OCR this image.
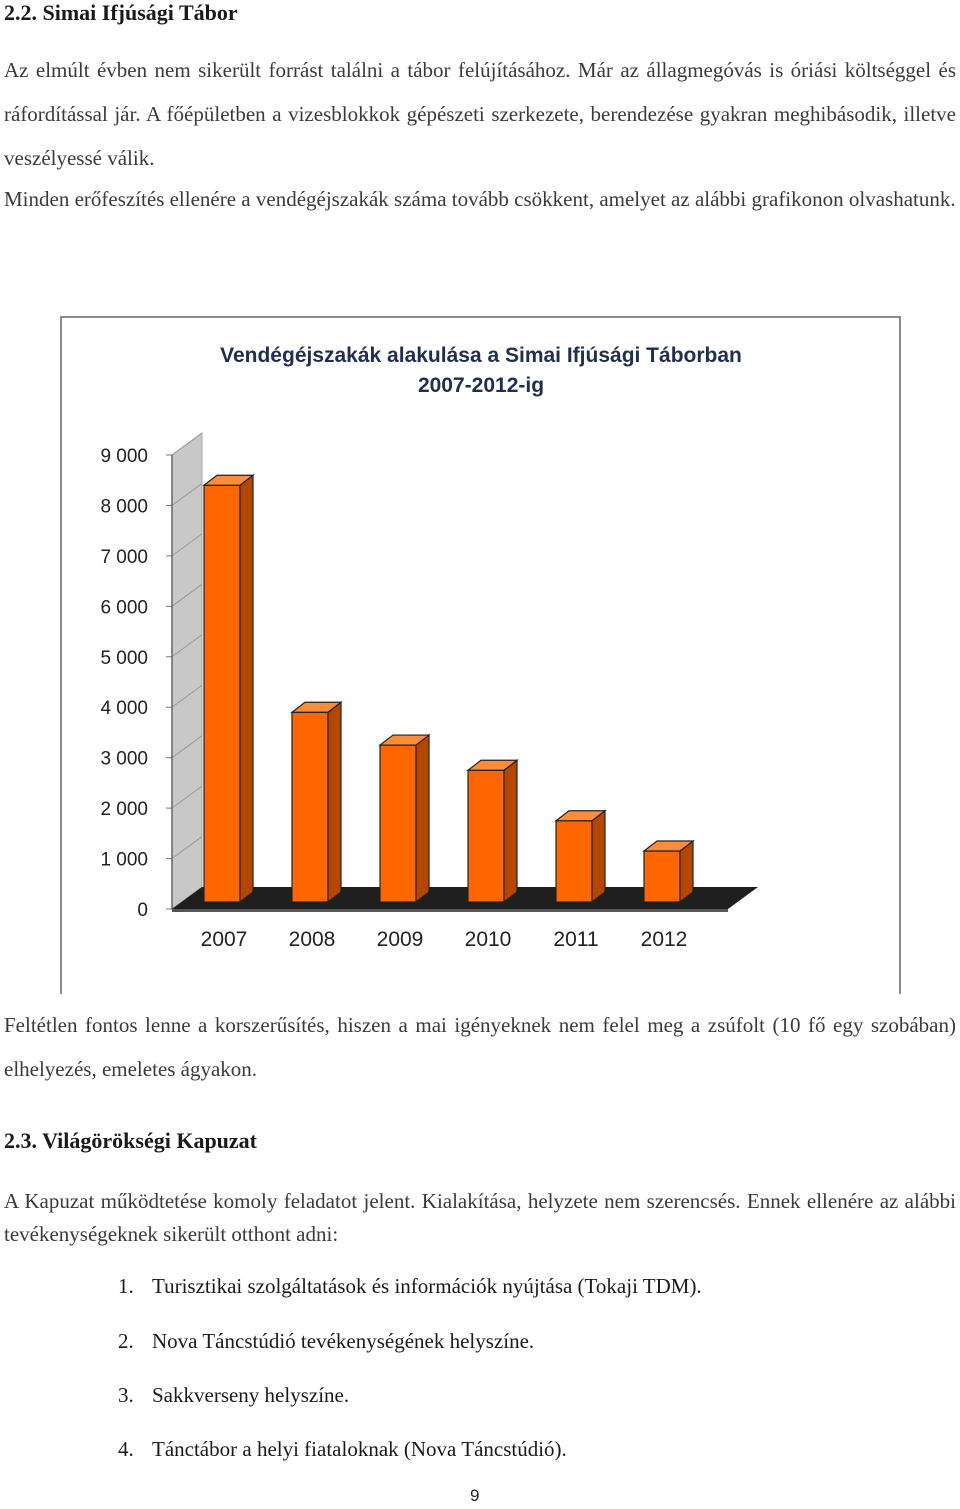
2.2. Simai Ifjúsági Tábor

Az elmúlt évben nem sikerült forrást találni a tábor felújításához. Már az állagmegóvás is óriási költséggel és ráfordítással jár. A főépületben a vizesblokkok gépészeti szerkezete, berendezése gyakran meghibásodik, illetve veszélyessé válik.

Minden erőfeszítés ellenére a vendégéjszakák száma tovább csökkent, amelyet az alábbi grafikonon olvashatunk.

Vendégéjszakák alakulása a Simai Ifjúsági Táborban
2007-2012-ig
0
1 000
2 000
3 000
4 000
5 000
6 000
7 000
8 000
9 000
2007 2008 2009 2010 2011 2012

Feltétlen fontos lenne a korszerűsítés, hiszen a mai igényeknek nem felel meg a zsúfolt (10 fő egy szobában) elhelyezés, emeletes ágyakon.

2.3. Világörökségi Kapuzat

A Kapuzat működtetése komoly feladatot jelent. Kialakítása, helyzete nem szerencsés. Ennek ellenére az alábbi tevékenységeknek sikerült otthont adni:

1. Turisztikai szolgáltatások és információk nyújtása (Tokaji TDM).
2. Nova Táncstúdió tevékenységének helyszíne.
3. Sakkverseny helyszíne.
4. Tánctábor a helyi fiataloknak (Nova Táncstúdió).
9
